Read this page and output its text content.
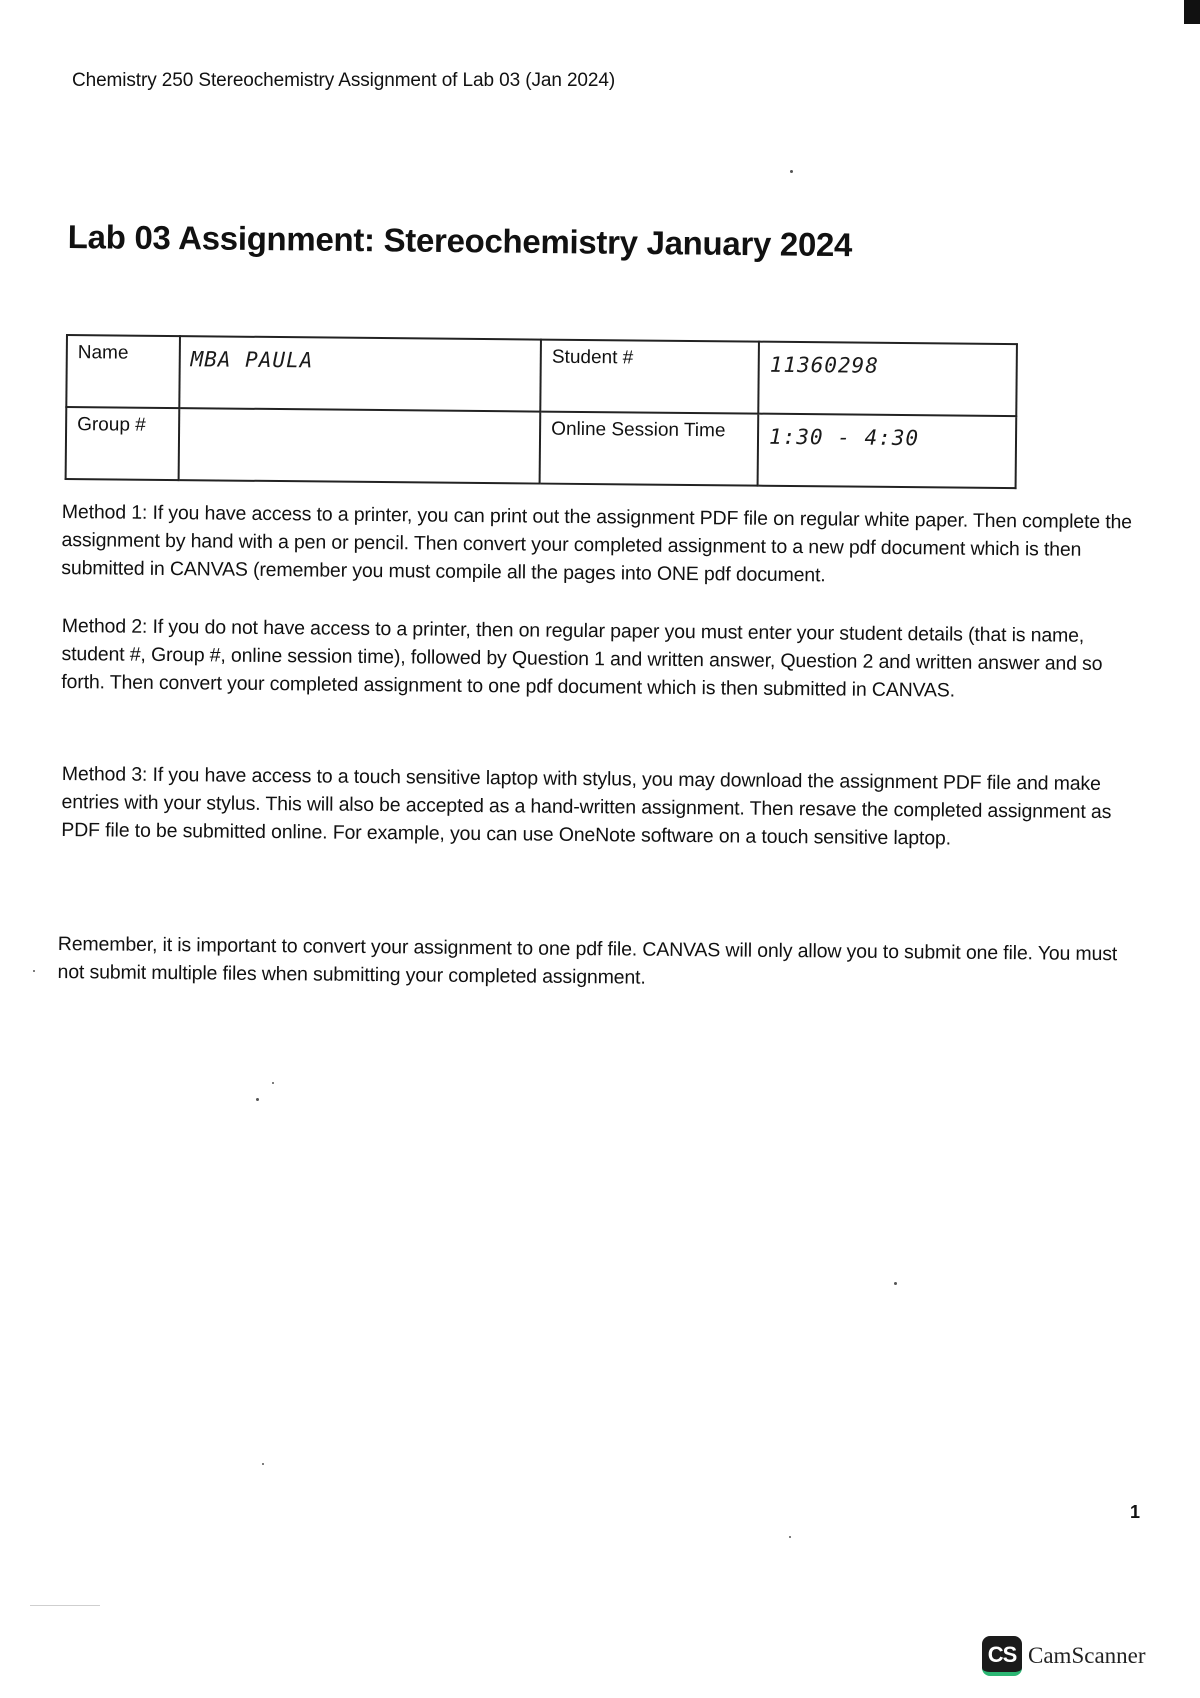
Chemistry 250 Stereochemistry Assignment of Lab 03 (Jan 2024)
Lab 03 Assignment: Stereochemistry January 2024
Name	MBA PAULA	Student #	11360298
Group #		Online Session Time	1:30 - 4:30
Method 1: If you have access to a printer, you can print out the assignment PDF file on regular white paper. Then complete the assignment by hand with a pen or pencil. Then convert your completed assignment to a new pdf document which is then submitted in CANVAS (remember you must compile all the pages into ONE pdf document.
Method 2: If you do not have access to a printer, then on regular paper you must enter your student details (that is name, student #, Group #, online session time), followed by Question 1 and written answer, Question 2 and written answer and so forth. Then convert your completed assignment to one pdf document which is then submitted in CANVAS.
Method 3: If you have access to a touch sensitive laptop with stylus, you may download the assignment PDF file and make entries with your stylus. This will also be accepted as a hand-written assignment. Then resave the completed assignment as PDF file to be submitted online. For example, you can use OneNote software on a touch sensitive laptop.
Remember, it is important to convert your assignment to one pdf file. CANVAS will only allow you to submit one file. You must not submit multiple files when submitting your completed assignment.
1
CS CamScanner
